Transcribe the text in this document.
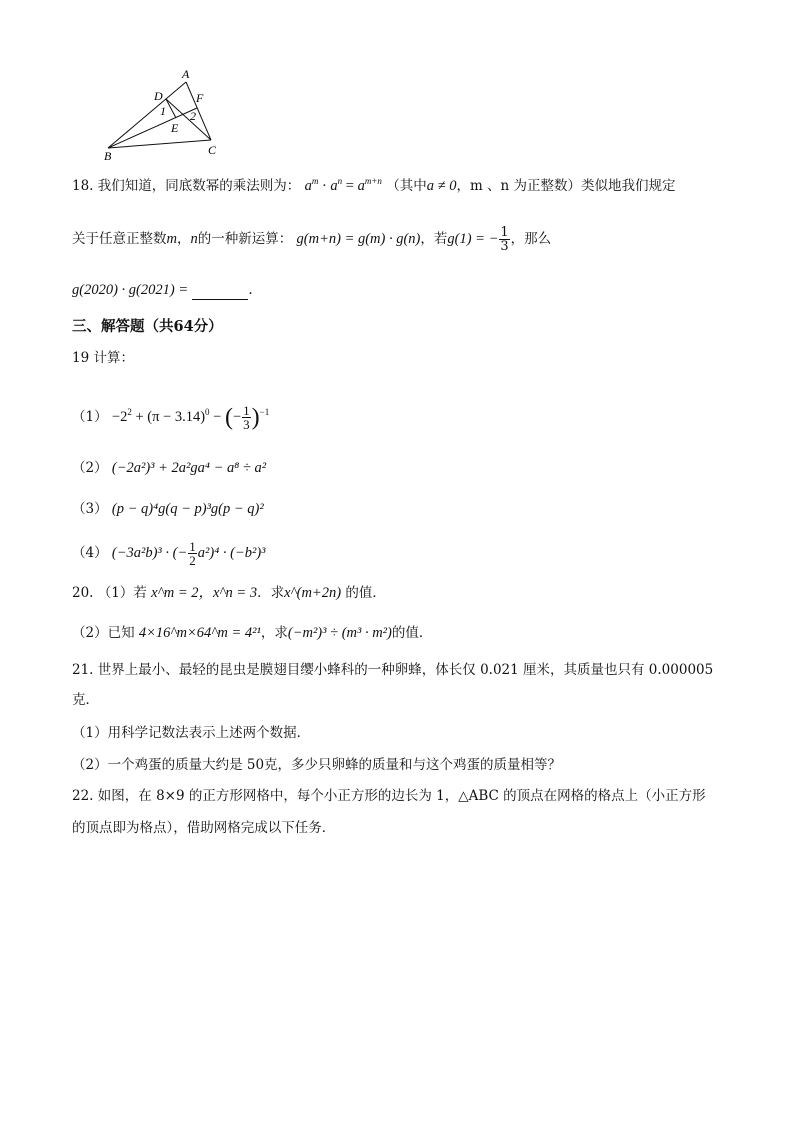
A
D	F
1 2
E
B	C
18. 我们知道，同底数幂的乘法则为： $a^m \cdot a^n = a^{m+n}$ （其中a ≠ 0，m 、n 为正整数）类似地我们规定
关于任意正整数m，n的一种新运算： g(m+n) = g(m) · g(n)，若g(1) = − $\frac{1}{3}$ ，那么
g(2020) · g(2021) =	.
三、解答题（共64分）
19 计算：
$(1) -2^2 + (\pi - 3.14)^0$ − (− $\frac{1}{3} )^{-1}$
（2） (−2a²)³ + 2a²ga⁴ − a⁸ ÷ a²
（3） (p − q)⁴g(q − p)³g(p − q)²
（4） (−3a²b)³ · (− $\frac{1}{2} a^2)^4 \cdot (-b^2)^3$
20. （1）若 x^m = 2，x^n = 3．求x^(m+2n) 的值．
（2）已知 4×16^m×64^m = 4²¹，求(−m²)³ ÷ (m³ · m²)的值．
21. 世界上最小、最轻的昆虫是膜翅目缨小蜂科的一种卵蜂，体长仅 0.021 厘米，其质量也只有 0.000005
克．
（1）用科学记数法表示上述两个数据．
（2）一个鸡蛋的质量大约是 50克，多少只卵蜂的质量和与这个鸡蛋的质量相等？
22. 如图，在 8×9 的正方形网格中，每个小正方形的边长为 1，△ABC 的顶点在网格的格点上（小正方形
的顶点即为格点），借助网格完成以下任务．
